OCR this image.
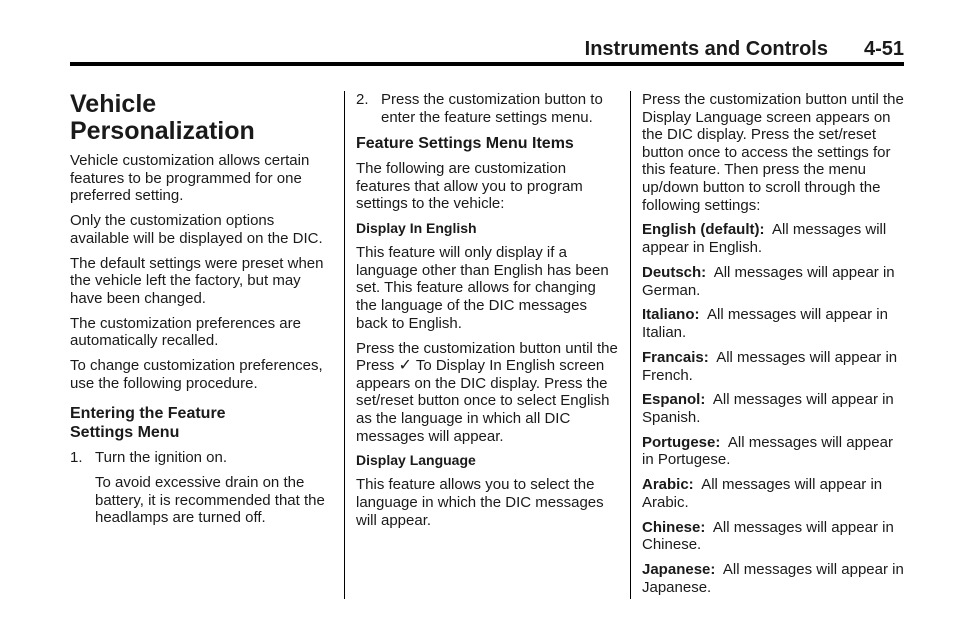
Instruments and Controls 4-51
Vehicle
Personalization

Vehicle customization allows certain features to be programmed for one preferred setting.

Only the customization options available will be displayed on the DIC.

The default settings were preset when the vehicle left the factory, but may have been changed.

The customization preferences are automatically recalled.

To change customization preferences, use the following procedure.

Entering the Feature
Settings Menu
1. Turn the ignition on.

To avoid excessive drain on the battery, it is recommended that the headlamps are turned off.

2. Press the customization button to enter the feature settings menu.
Feature Settings Menu Items

The following are customization features that allow you to program settings to the vehicle:

Display In English

This feature will only display if a language other than English has been set. This feature allows for changing the language of the DIC messages back to English.

Press the customization button until the Press ✓ To Display In English screen appears on the DIC display. Press the set/reset button once to select English as the language in which all DIC messages will appear.

Display Language

This feature allows you to select the language in which the DIC messages will appear.

Press the customization button until the Display Language screen appears on the DIC display. Press the set/reset button once to access the settings for this feature. Then press the menu up/down button to scroll through the following settings:

English (default): All messages will appear in English.

Deutsch: All messages will appear in German.

Italiano: All messages will appear in Italian.

Francais: All messages will appear in French.

Espanol: All messages will appear in Spanish.

Portugese: All messages will appear in Portugese.

Arabic: All messages will appear in Arabic.

Chinese: All messages will appear in Chinese.

Japanese: All messages will appear in Japanese.
